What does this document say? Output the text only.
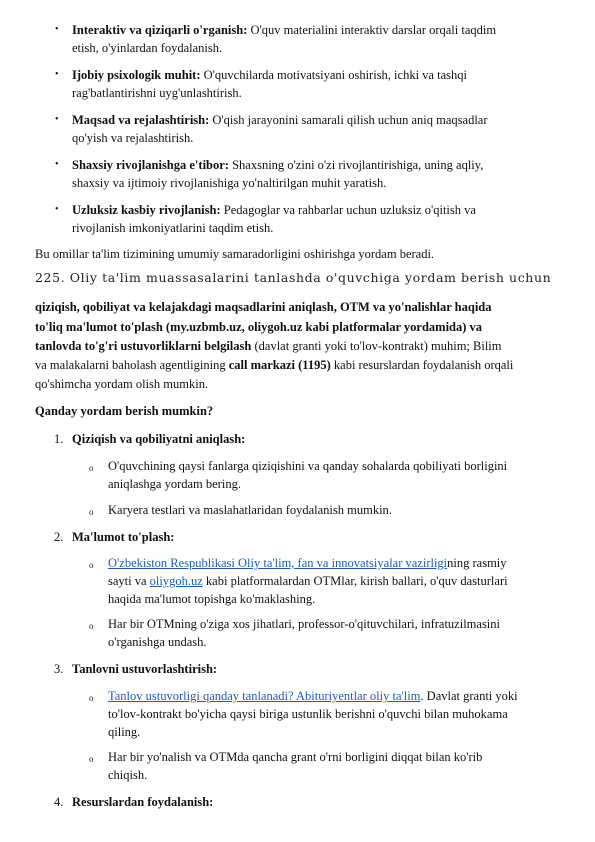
• Interaktiv va qiziqarli o'rganish: O'quv materialini interaktiv darslar orqali taqdim
etish, o'yinlardan foydalanish.
• Ijobiy psixologik muhit: O'quvchilarda motivatsiyani oshirish, ichki va tashqi
rag'batlantirishni uyg'unlashtirish.
• Maqsad va rejalashtirish: O'qish jarayonini samarali qilish uchun aniq maqsadlar
qo'yish va rejalashtirish.
• Shaxsiy rivojlanishga e'tibor: Shaxsning o'zini o'zi rivojlantirishiga, uning aqliy,
shaxsiy va ijtimoiy rivojlanishiga yo'naltirilgan muhit yaratish.
• Uzluksiz kasbiy rivojlanish: Pedagoglar va rahbarlar uchun uzluksiz o'qitish va
rivojlanish imkoniyatlarini taqdim etish.
Bu omillar ta'lim tizimining umumiy samaradorligini oshirishga yordam beradi.
225. Oliy ta'lim muassasalarini tanlashda o'quvchiga yordam berish uchun
qiziqish, qobiliyat va kelajakdagi maqsadlarini aniqlash, OTM va yo'nalishlar haqida
to'liq ma'lumot to'plash (my.uzbmb.uz, oliygoh.uz kabi platformalar yordamida) va
tanlovda to'g'ri ustuvorliklarni belgilash (davlat granti yoki to'lov-kontrakt) muhim; Bilim
va malakalarni baholash agentligining call markazi (1195) kabi resurslardan foydalanish orqali
qo'shimcha yordam olish mumkin.
Qanday yordam berish mumkin?
1. Qiziqish va qobiliyatni aniqlash:
o O'quvchining qaysi fanlarga qiziqishini va qanday sohalarda qobiliyati borligini
aniqlashga yordam bering.
o Karyera testlari va maslahatlaridan foydalanish mumkin.
2. Ma'lumot to'plash:
o O'zbekiston Respublikasi Oliy ta'lim, fan va innovatsiyalar vazirligining rasmiy
sayti va oliygoh.uz kabi platformalardan OTMlar, kirish ballari, o'quv dasturlari
haqida ma'lumot topishga ko'maklashing.
o Har bir OTMning o'ziga xos jihatlari, professor-o'qituvchilari, infratuzilmasini
o'rganishga undash.
3. Tanlovni ustuvorlashtirish:
o Tanlov ustuvorligi qanday tanlanadi? Abituriyentlar oliy ta'lim. Davlat granti yoki
to'lov-kontrakt bo'yicha qaysi biriga ustunlik berishni o'quvchi bilan muhokama
qiling.
o Har bir yo'nalish va OTMda qancha grant o'rni borligini diqqat bilan ko'rib
chiqish.
4. Resurslardan foydalanish:
